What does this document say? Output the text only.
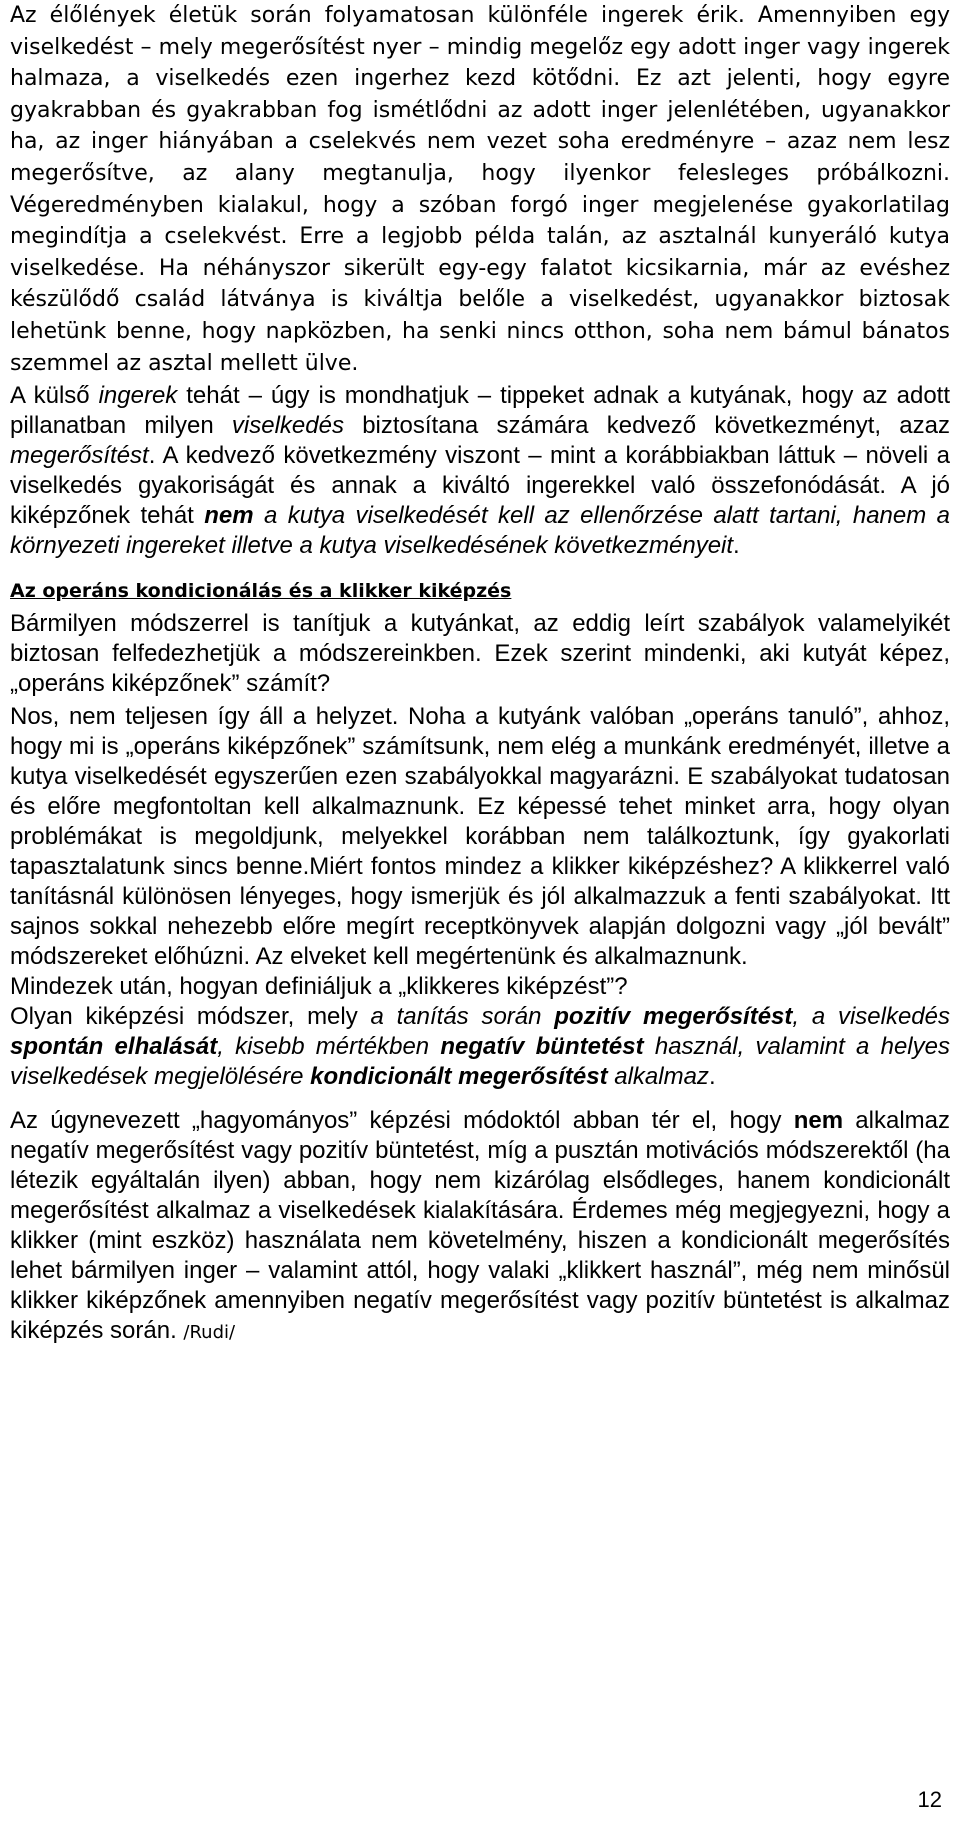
Az élőlények életük során folyamatosan különféle ingerek érik. Amennyiben egy viselkedést – mely megerősítést nyer – mindig megelőz egy adott inger vagy ingerek halmaza, a viselkedés ezen ingerhez kezd kötődni. Ez azt jelenti, hogy egyre gyakrabban és gyakrabban fog ismétlődni az adott inger jelenlétében, ugyanakkor ha, az inger hiányában a cselekvés nem vezet soha eredményre – azaz nem lesz megerősítve, az alany megtanulja, hogy ilyenkor felesleges próbálkozni. Végeredményben kialakul, hogy a szóban forgó inger megjelenése gyakorlatilag megindítja a cselekvést. Erre a legjobb példa talán, az asztalnál kunyeráló kutya viselkedése. Ha néhányszor sikerült egy-egy falatot kicsikarnia, már az evéshez készülődő család látványa is kiváltja belőle a viselkedést, ugyanakkor biztosak lehetünk benne, hogy napközben, ha senki nincs otthon, soha nem bámul bánatos szemmel az asztal mellett ülve.

A külső ingerek tehát – úgy is mondhatjuk – tippeket adnak a kutyának, hogy az adott pillanatban milyen viselkedés biztosítana számára kedvező következményt, azaz megerősítést. A kedvező következmény viszont – mint a korábbiakban láttuk – növeli a viselkedés gyakoriságát és annak a kiváltó ingerekkel való összefonódását. A jó kiképzőnek tehát nem a kutya viselkedését kell az ellenőrzése alatt tartani, hanem a környezeti ingereket illetve a kutya viselkedésének következményeit.

Az operáns kondicionálás és a klikker kiképzés

Bármilyen módszerrel is tanítjuk a kutyánkat, az eddig leírt szabályok valamelyikét biztosan felfedezhetjük a módszereinkben. Ezek szerint mindenki, aki kutyát képez, „operáns kiképzőnek” számít?

Nos, nem teljesen így áll a helyzet. Noha a kutyánk valóban „operáns tanuló”, ahhoz, hogy mi is „operáns kiképzőnek” számítsunk, nem elég a munkánk eredményét, illetve a kutya viselkedését egyszerűen ezen szabályokkal magyarázni. E szabályokat tudatosan és előre megfontoltan kell alkalmaznunk. Ez képessé tehet minket arra, hogy olyan problémákat is megoldjunk, melyekkel korábban nem találkoztunk, így gyakorlati tapasztalatunk sincs benne.Miért fontos mindez a klikker kiképzéshez? A klikkerrel való tanításnál különösen lényeges, hogy ismerjük és jól alkalmazzuk a fenti szabályokat. Itt sajnos sokkal nehezebb előre megírt receptkönyvek alapján dolgozni vagy „jól bevált” módszereket előhúzni. Az elveket kell megértenünk és alkalmaznunk.

Mindezek után, hogyan definiáljuk a „klikkeres kiképzést”?

Olyan kiképzési módszer, mely a tanítás során pozitív megerősítést, a viselkedés spontán elhalását, kisebb mértékben negatív büntetést használ, valamint a helyes viselkedések megjelölésére kondicionált megerősítést alkalmaz.

Az úgynevezett „hagyományos” képzési módoktól abban tér el, hogy nem alkalmaz negatív megerősítést vagy pozitív büntetést, míg a pusztán motivációs módszerektől (ha létezik egyáltalán ilyen) abban, hogy nem kizárólag elsődleges, hanem kondicionált megerősítést alkalmaz a viselkedések kialakítására. Érdemes még megjegyezni, hogy a klikker (mint eszköz) használata nem követelmény, hiszen a kondicionált megerősítés lehet bármilyen inger – valamint attól, hogy valaki „klikkert használ”, még nem minősül klikker kiképzőnek amennyiben negatív megerősítést vagy pozitív büntetést is alkalmaz kiképzés során. /Rudi/

12
